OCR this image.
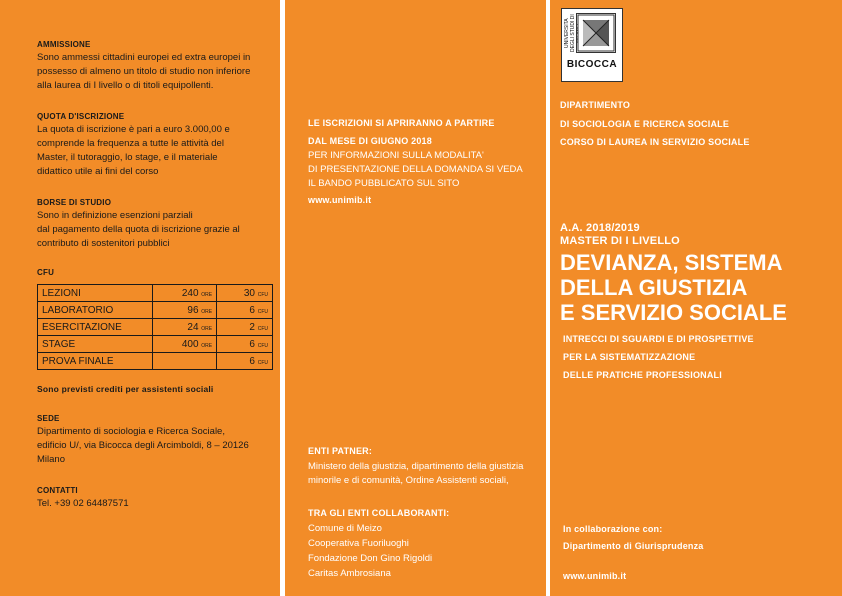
AMMISSIONE
Sono ammessi cittadini europei ed extra europei in
possesso di almeno un titolo di studio non inferiore
alla laurea di I livello o di titoli equipollenti.
QUOTA D'ISCRIZIONE
La quota di iscrizione è pari a euro 3.000,00 e
comprende la frequenza a tutte le attività del
Master, il tutoraggio, lo stage, e il materiale
didattico utile ai fini del corso
BORSE DI STUDIO
Sono in definizione esenzioni parziali
dal pagamento della quota di iscrizione grazie al
contributo di sostenitori pubblici
CFU
LEZIONI	240 ORE	30 CFU
LABORATORIO	96 ORE	6 CFU
ESERCITAZIONE	24 ORE	2 CFU
STAGE	400 ORE	6 CFU
PROVA FINALE		6 CFU
Sono previsti crediti per assistenti sociali
SEDE
Dipartimento di sociologia e Ricerca Sociale,
edificio U/, via Bicocca degli Arcimboldi, 8 – 20126
Milano
CONTATTI
Tel. +39 02 64487571
LE ISCRIZIONI SI APRIRANNO A PARTIRE
DAL MESE DI GIUGNO 2018
PER INFORMAZIONI SULLA MODALITA'
DI PRESENTAZIONE DELLA DOMANDA SI VEDA
IL BANDO PUBBLICATO SUL SITO
www.unimib.it
ENTI PATNER:
Ministero della giustizia, dipartimento della giustizia
minorile e di comunità, Ordine Assistenti sociali,
TRA GLI ENTI COLLABORANTI:
Comune di Meizo
Cooperativa Fuoriluoghi
Fondazione Don Gino Rigoldi
Caritas Ambrosiana
UNIVERSITA DEGLI STUDI DI
BICOCCA
DIPARTIMENTO
DI SOCIOLOGIA E RICERCA SOCIALE
CORSO DI LAUREA IN SERVIZIO SOCIALE
A.A. 2018/2019
MASTER DI I LIVELLO
DEVIANZA, SISTEMA
DELLA GIUSTIZIA
E SERVIZIO SOCIALE
INTRECCI DI SGUARDI E DI PROSPETTIVE
PER LA SISTEMATIZZAZIONE
DELLE PRATICHE PROFESSIONALI
In collaborazione con:
Dipartimento di Giurisprudenza
www.unimib.it
